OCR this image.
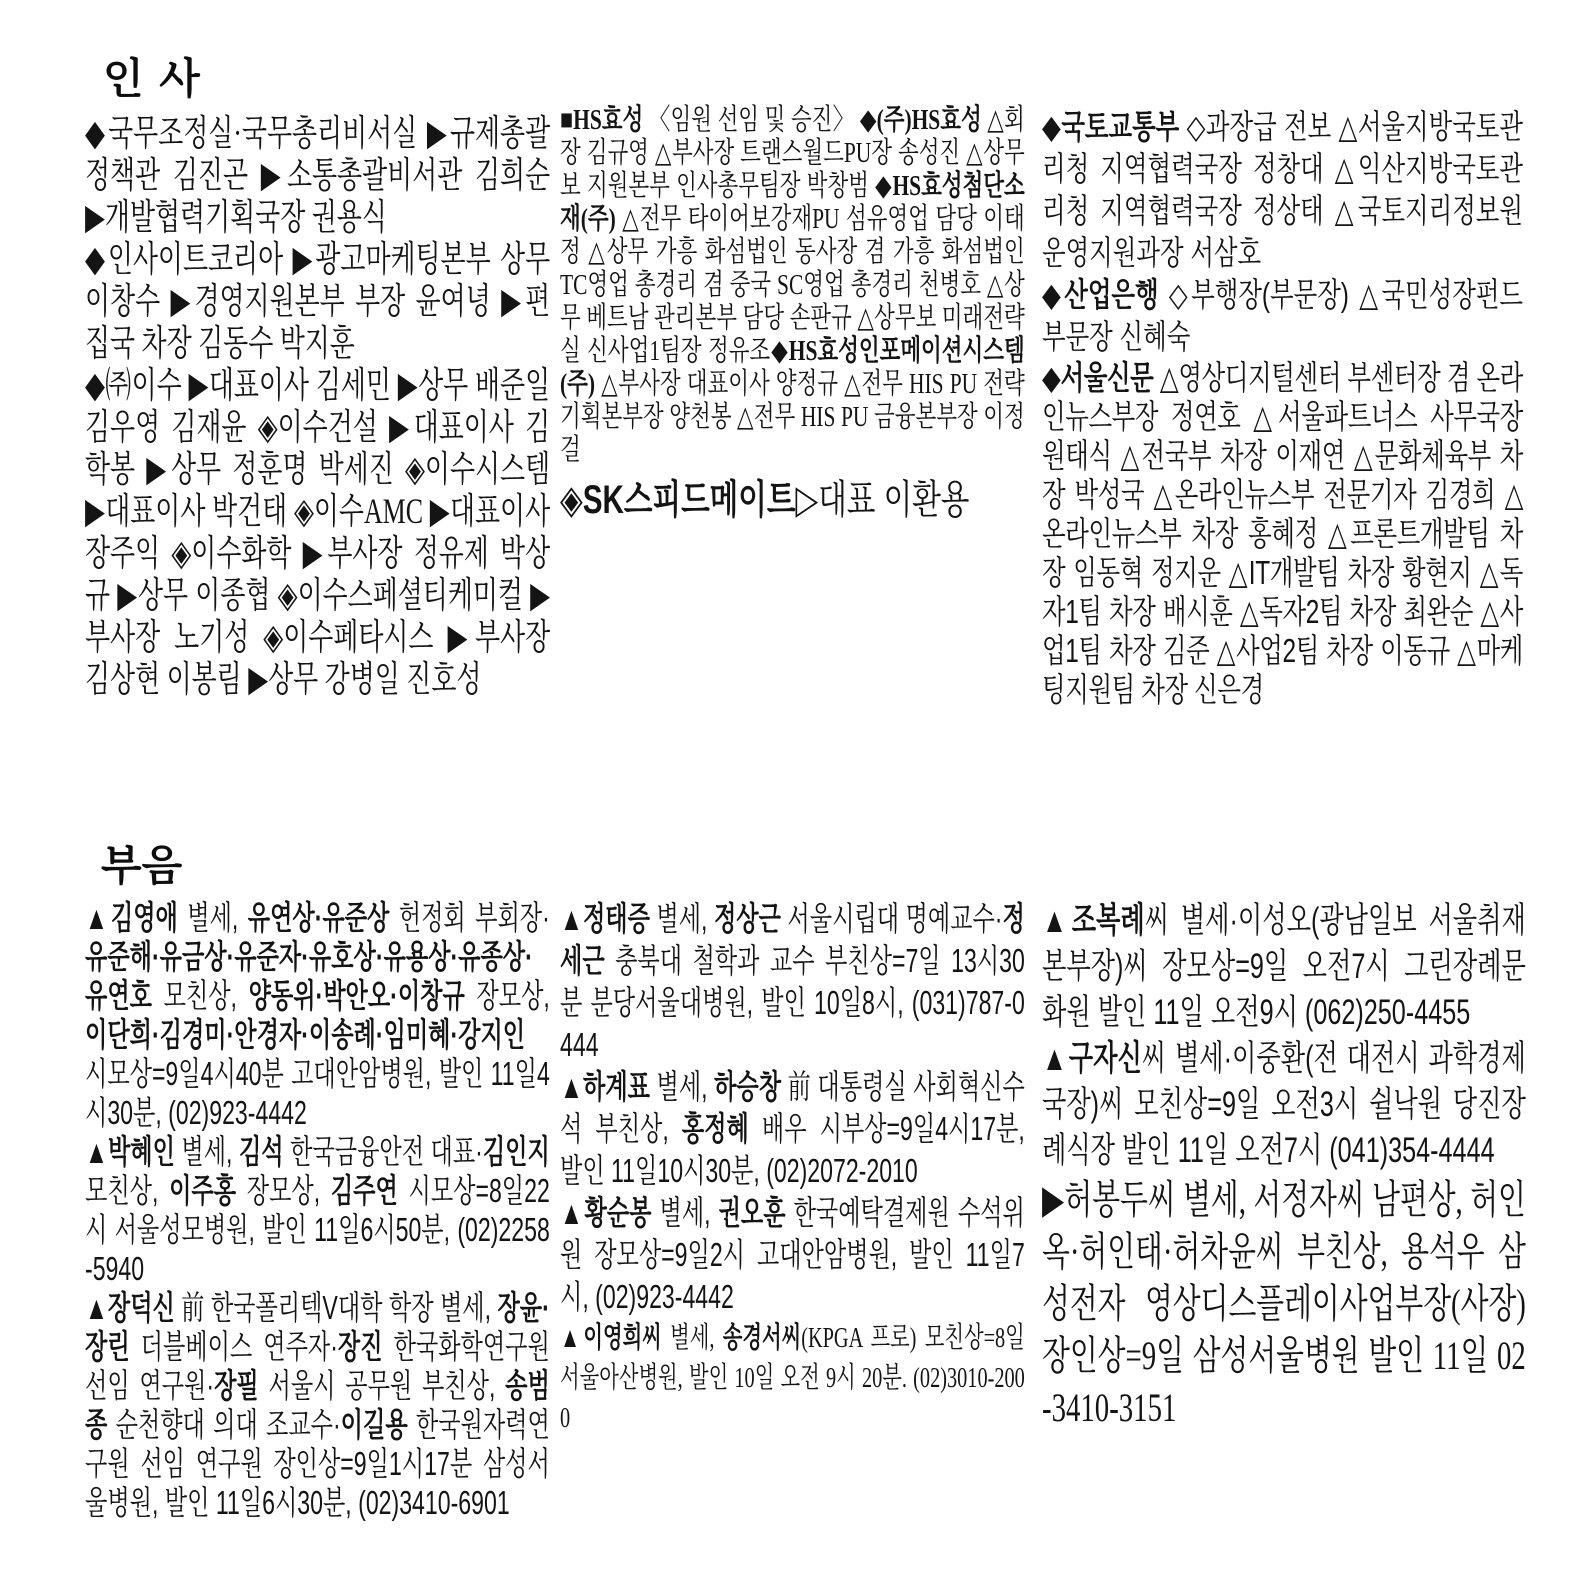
인 사

◆국무조정실·국무총리비서실 ▶규제총괄정책관 김진곤 ▶소통총괄비서관 김희순 ▶개발협력기획국장 권용식

◆인사이트코리아 ▶광고마케팅본부 상무 이창수 ▶경영지원본부 부장 윤여녕 ▶편집국 차장 김동수 박지훈

◆㈜이수 ▶대표이사 김세민 ▶상무 배준일 김우영 김재윤 ◈이수건설 ▶대표이사 김학봉 ▶상무 정훈명 박세진 ◈이수시스템 ▶대표이사 박건태 ◈이수AMC ▶대표이사 장주익 ◈이수화학 ▶부사장 정유제 박상규 ▶상무 이종협 ◈이수스페셜티케미컬 ▶부사장 노기성 ◈이수페타시스 ▶부사장 김상현 이봉림 ▶상무 강병일 진호성

■HS효성 〈임원 선임 및 승진〉 ◆(주)HS효성 △회장 김규영 △부사장 트랜스월드PU장 송성진 △상무보 지원본부 인사총무팀장 박창범 ◆HS효성첨단소재(주) △전무 타이어보강재PU 섬유영업 담당 이태정 △상무 가흥 화섬법인 동사장 겸 가흥 화섬법인 TC영업 총경리 겸 중국 SC영업 총경리 천병호 △상무 베트남 관리본부 담당 손판규 △상무보 미래전략실 신사업1팀장 정유조◆HS효성인포메이션시스템(주) △부사장 대표이사 양정규 △전무 HIS PU 전략기획본부장 양천봉 △전무 HIS PU 금융본부장 이정걸

◈SK스피드메이트▷대표 이환용

◆국토교통부 ◇과장급 전보 △서울지방국토관리청 지역협력국장 정창대 △익산지방국토관리청 지역협력국장 정상태 △국토지리정보원 운영지원과장 서삼호

◆산업은행 ◇부행장(부문장) △국민성장펀드부문장 신혜숙

◆서울신문 △영상디지털센터 부센터장 겸 온라인뉴스부장 정연호 △서울파트너스 사무국장 원태식 △전국부 차장 이재연 △문화체육부 차장 박성국 △온라인뉴스부 전문기자 김경희 △온라인뉴스부 차장 홍혜정 △프론트개발팀 차장 임동혁 정지운 △IT개발팀 차장 황현지 △독자1팀 차장 배시훈 △독자2팀 차장 최완순 △사업1팀 차장 김준 △사업2팀 차장 이동규 △마케팅지원팀 차장 신은경

부음

▲김영애 별세, 유연상·유준상 헌정회 부회장·유준해·유금상·유준자·유호상·유용상·유종상·유연호 모친상, 양동위·박안오·이창규 장모상, 이단희·김경미·안경자·이송례·임미혜·강지인 시모상=9일4시40분 고대안암병원, 발인 11일4시30분, (02)923-4442

▲박혜인 별세, 김석 한국금융안전 대표·김인지 모친상, 이주홍 장모상, 김주연 시모상=8일22시 서울성모병원, 발인 11일6시50분, (02)2258-5940

▲장덕신 前 한국폴리텍V대학 학장 별세, 장윤·장린 더블베이스 연주자·장진 한국화학연구원 선임 연구원·장필 서울시 공무원 부친상, 송범종 순천향대 의대 조교수·이길용 한국원자력연구원 선임 연구원 장인상=9일1시17분 삼성서울병원, 발인 11일6시30분, (02)3410-6901

▲정태증 별세, 정상근 서울시립대 명예교수·정세근 충북대 철학과 교수 부친상=7일 13시30분 분당서울대병원, 발인 10일8시, (031)787-0444

▲하계표 별세, 하승창 前 대통령실 사회혁신수석 부친상, 홍정혜 배우 시부상=9일4시17분, 발인 11일10시30분, (02)2072-2010

▲황순봉 별세, 권오훈 한국예탁결제원 수석위원 장모상=9일2시 고대안암병원, 발인 11일7시, (02)923-4442

▲이영희씨 별세, 송경서씨(KPGA 프로) 모친상=8일 서울아산병원, 발인 10일 오전 9시 20분. (02)3010-2000

▲조복례씨 별세·이성오(광남일보 서울취재본부장)씨 장모상=9일 오전7시 그린장례문화원 발인 11일 오전9시 (062)250-4455

▲구자신씨 별세·이중환(전 대전시 과학경제국장)씨 모친상=9일 오전3시 쉴낙원 당진장례식장 발인 11일 오전7시 (041)354-4444

▶허봉두씨 별세, 서정자씨 남편상, 허인옥·허인태·허차윤씨 부친상, 용석우 삼성전자 영상디스플레이사업부장(사장) 장인상=9일 삼성서울병원 발인 11일 02-3410-3151
